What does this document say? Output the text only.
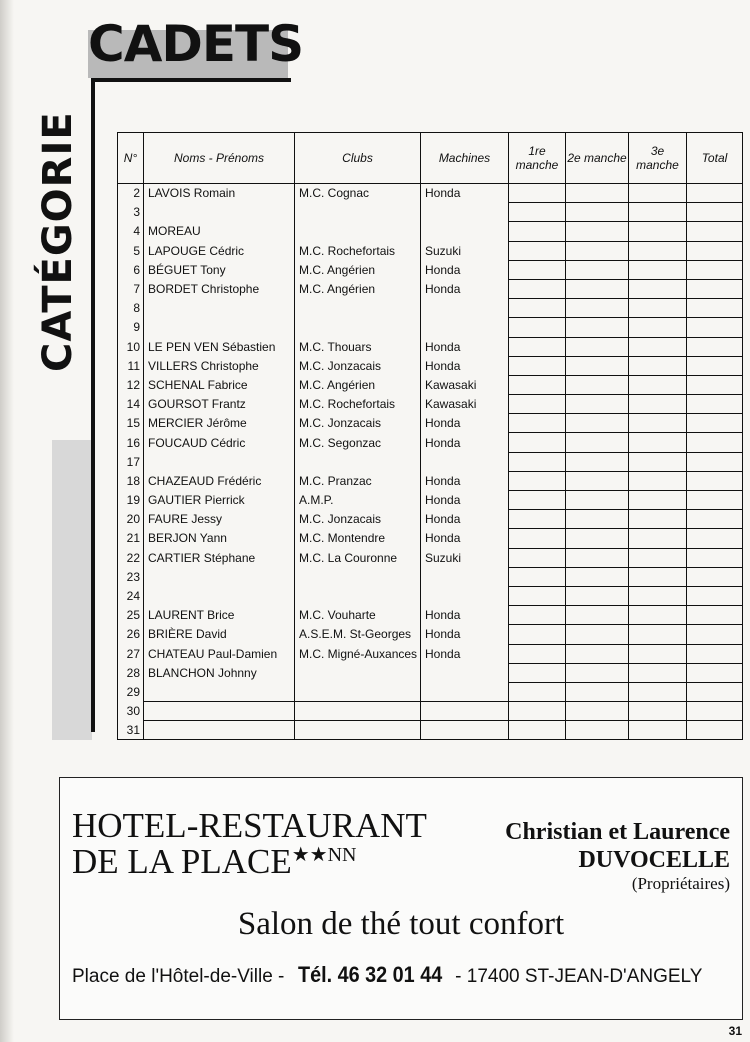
CADETS
CATÉGORIE	N°	Noms - Prénoms	Clubs	Machines	1re manche	2e manche	3e manche	Total
2	LAVOIS Romain	M.C. Cognac	Honda				
3							
4	MOREAU						
5	LAPOUGE Cédric	M.C. Rochefortais	Suzuki				
6	BÉGUET Tony	M.C. Angérien	Honda				
7	BORDET Christophe	M.C. Angérien	Honda				
8							
9							
10	LE PEN VEN Sébastien	M.C. Thouars	Honda				
11	VILLERS Christophe	M.C. Jonzacais	Honda				
12	SCHENAL Fabrice	M.C. Angérien	Kawasaki				
14	GOURSOT Frantz	M.C. Rochefortais	Kawasaki				
15	MERCIER Jérôme	M.C. Jonzacais	Honda				
16	FOUCAUD Cédric	M.C. Segonzac	Honda				
17							
18	CHAZEAUD Frédéric	M.C. Pranzac	Honda				
19	GAUTIER Pierrick	A.M.P.	Honda				
20	FAURE Jessy	M.C. Jonzacais	Honda				
21	BERJON Yann	M.C. Montendre	Honda				
22	CARTIER Stéphane	M.C. La Couronne	Suzuki				
23							
24							
25	LAURENT Brice	M.C. Vouharte	Honda				
26	BRIÈRE David	A.S.E.M. St-Georges	Honda				
27	CHATEAU Paul-Damien	M.C. Migné-Auxances	Honda				
28	BLANCHON Johnny						
29							
30							
31							
HOTEL-RESTAURANT
DE LA $PLACE^{★★NN}$
Christian et Laurence
DUVOCELLE
(Propriétaires)
Salon de thé tout confort
Place de l'Hôtel-de-Ville - Tél. 46 32 01 44 - 17400 ST-JEAN-D'ANGELY
31
